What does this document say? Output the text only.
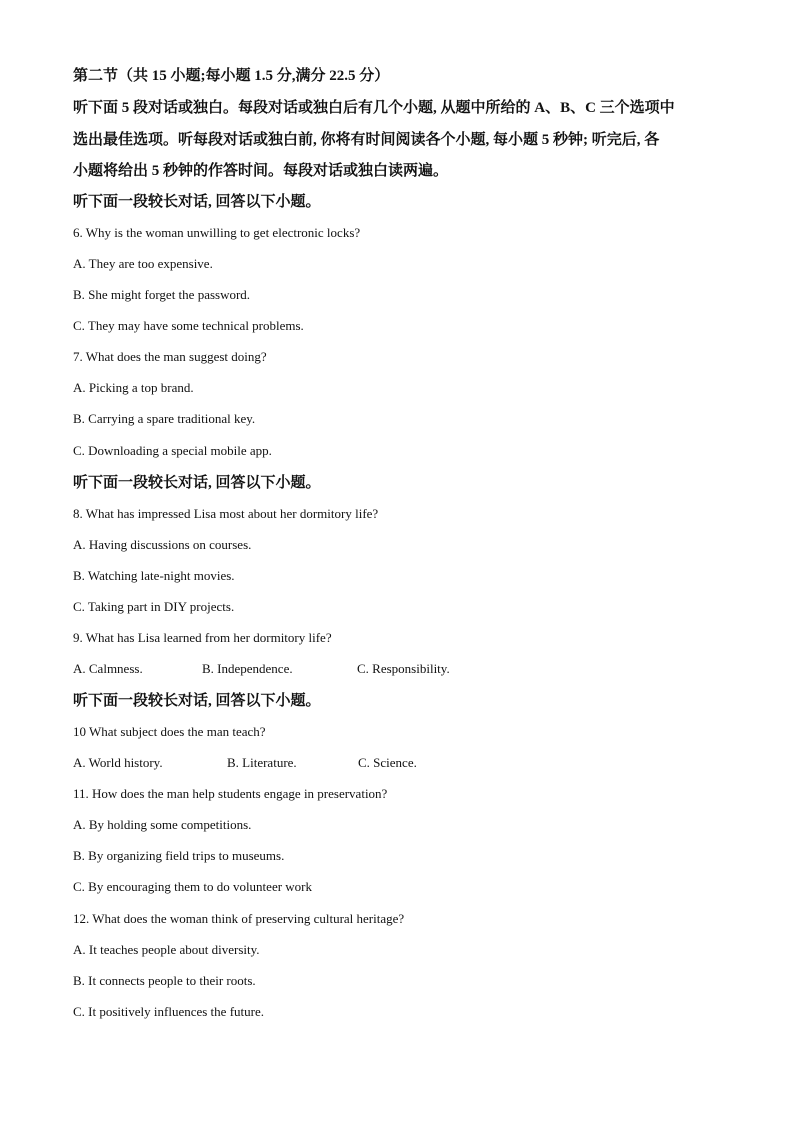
第二节（共 15 小题;每小题 1.5 分,满分 22.5 分）
听下面 5 段对话或独白。每段对话或独白后有几个小题, 从题中所给的 A、B、C 三个选项中
选出最佳选项。听每段对话或独白前, 你将有时间阅读各个小题, 每小题 5 秒钟; 听完后, 各
小题将给出 5 秒钟的作答时间。每段对话或独白读两遍。
听下面一段较长对话, 回答以下小题。
6. Why is the woman unwilling to get electronic locks?
A. They are too expensive.
B. She might forget the password.
C. They may have some technical problems.
7. What does the man suggest doing?
A. Picking a top brand.
B. Carrying a spare traditional key.
C. Downloading a special mobile app.
听下面一段较长对话, 回答以下小题。
8. What has impressed Lisa most about her dormitory life?
A. Having discussions on courses.
B. Watching late-night movies.
C. Taking part in DIY projects.
9. What has Lisa learned from her dormitory life?
A. Calmness.	B. Independence.	C. Responsibility.
听下面一段较长对话, 回答以下小题。
10 What subject does the man teach?
A. World history.	B. Literature.	C. Science.
11. How does the man help students engage in preservation?
A. By holding some competitions.
B. By organizing field trips to museums.
C. By encouraging them to do volunteer work
12. What does the woman think of preserving cultural heritage?
A. It teaches people about diversity.
B. It connects people to their roots.
C. It positively influences the future.
